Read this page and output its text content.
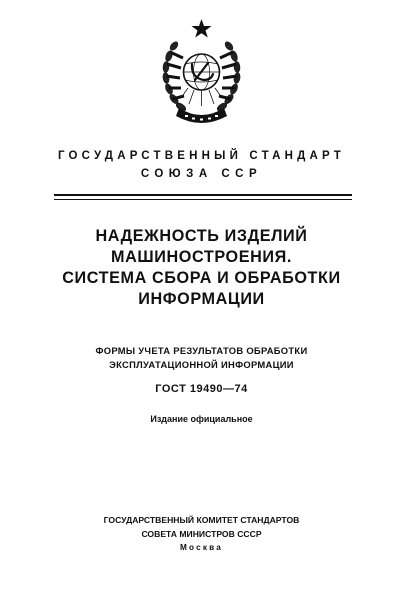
ГОСУДАРСТВЕННЫЙ СТАНДАРТ
СОЮЗА ССР
НАДЕЖНОСТЬ ИЗДЕЛИЙ
МАШИНОСТРОЕНИЯ.
СИСТЕМА СБОРА И ОБРАБОТКИ
ИНФОРМАЦИИ
ФОРМЫ УЧЕТА РЕЗУЛЬТАТОВ ОБРАБОТКИ
ЭКСПЛУАТАЦИОННОЙ ИНФОРМАЦИИ
ГОСТ 19490—74
Издание официальное
ГОСУДАРСТВЕННЫЙ КОМИТЕТ СТАНДАРТОВ
СОВЕТА МИНИСТРОВ СССР
Москва
